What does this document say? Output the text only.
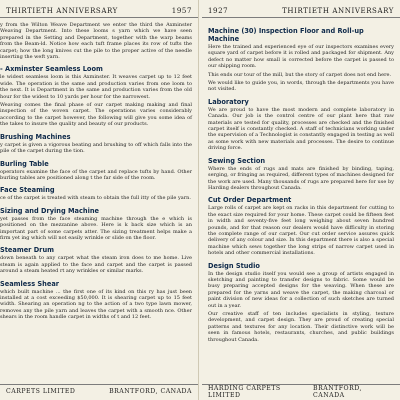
THIRTIETH ANNIVERSARY	1957

y from the Wilton Weave Department we enter the third the Axminster Weaving Department. Into these looms s yarn which we have seen prepared in the Setting and Department, together with the warp beams from the Beam-ld. Notice how each tuft frame places its row of tufts the carpet; how the long knives cut the pile to the proper active of the needle inserting the weft yarn.

- Axminster Seamless Loom

le widest seamless loom is this Axminster. It weaves carpet up to 12 feet wide. The operation is the same and production varies from one loom to the next. It is Department in the same and production varies from the old hour for the widest to 10 yards per hour for the narrowest.

Weaving comes the final phase of our carpet making making and final inspection of the woven carpet. The operations varies considerably according to the carpet however, the following will give you some idea of the takes to insure the quality and beauty of our products.

Brushing Machines

y carpet is given a vigorous beating and brushing to off which falls into the pile of the carpet during the tion.

Burling Table

operators examine the face of the carpet and replace tufts by hand. Other burling tables are positioned along t the far side of the room.

Face Steaming

ce of the carpet is treated with steam to obtain the full itty of the pile yarn.

Sizing and Drying Machine

yet passes from the face steaming machine through the e which is positioned on the mezzanine above. Here is k back size which is an important part of some carpets atter. The sizing treatment helps make a firm yet ing which will not easily wrinkle or slide on the floor.

Steamer Drum

down beneath to any carpet what the steam iron does to me home. Live steam is again applied to the face and carpet and the carpet is passed around a steam heated rt any wrinkles or similar marks.

Seamless Shear

which built machine ... the first one of its kind on this ry has just been installed at a cost exceeding $50,000. It is shearing carpet up to 15 feet width. Shearing an operation ng to the action of a two type lawn mower, removes any the pile yarn and leaves the carpet with a smooth nce. Other shears in the room handle carpet in widths of t and 12 feet.

CARPETS LIMITED	BRANTFORD, CANADA
1927	THIRTIETH ANNIVERSARY
Machine (30) Inspection Floor and Roll-up Machine

Here the trained and experienced eye of our inspectors examines every square yard of carpet before it is rolled and packaged for shipment. Any defect no matter how small is corrected before the carpet is passed to our shipping room.

This ends our tour of the mill, but the story of carpet does not end here.

We would like to guide you, in words, through the departments you have not visited.

Laboratory

We are proud to have the most modern and complete laboratory in Canada. Our job is the control centre of our plant here that raw materials are tested for quality, processes are checked and the finished carpet itself is constantly checked. A staff of technicians working under the supervision of a Technologist is constantly engaged in testing as well as some work with new materials and processes. The desire to continue driving force.

Sewing Section

Where the ends of rugs and mats are finished by binding, taping, serging, or fringing as required, different types of machines designed for the work are used. Many thousands of rugs are prepared here for use by Harding dealers throughout Canada.

Cut Order Department

Large rolls of carpet are kept on racks in this department for cutting to the exact size required for your home. These carpet could be fifteen feet in width and seventy-five feet long weighing about seven hundred pounds, and for that reason our dealers would have difficulty in storing the complete range of our carpet. Our cut order service assures quick delivery of any colour and size. In this department there is also a special machine which sews together the long strips of narrow carpet used in hotels and other commercial installations.

Design Studio

In the design studio itself you would see a group of artists engaged in sketching and painting to transfer designs to fabric. Some would be busy preparing accepted designs for the weaving. When these are prepared for the yarns and weave the carpet, the making charcoal or paint division of new ideas for a collection of such sketches are turned out in a year.

Our creative staff of ten includes specialists in styling, texture development, and carpet design. They are proud of creating special patterns and textures for any location. Their distinctive work will be seen in famous hotels, restaurants, churches, and public buildings throughout Canada.

HARDING CARPETS LIMITED
BRANTFORD, CANADA
